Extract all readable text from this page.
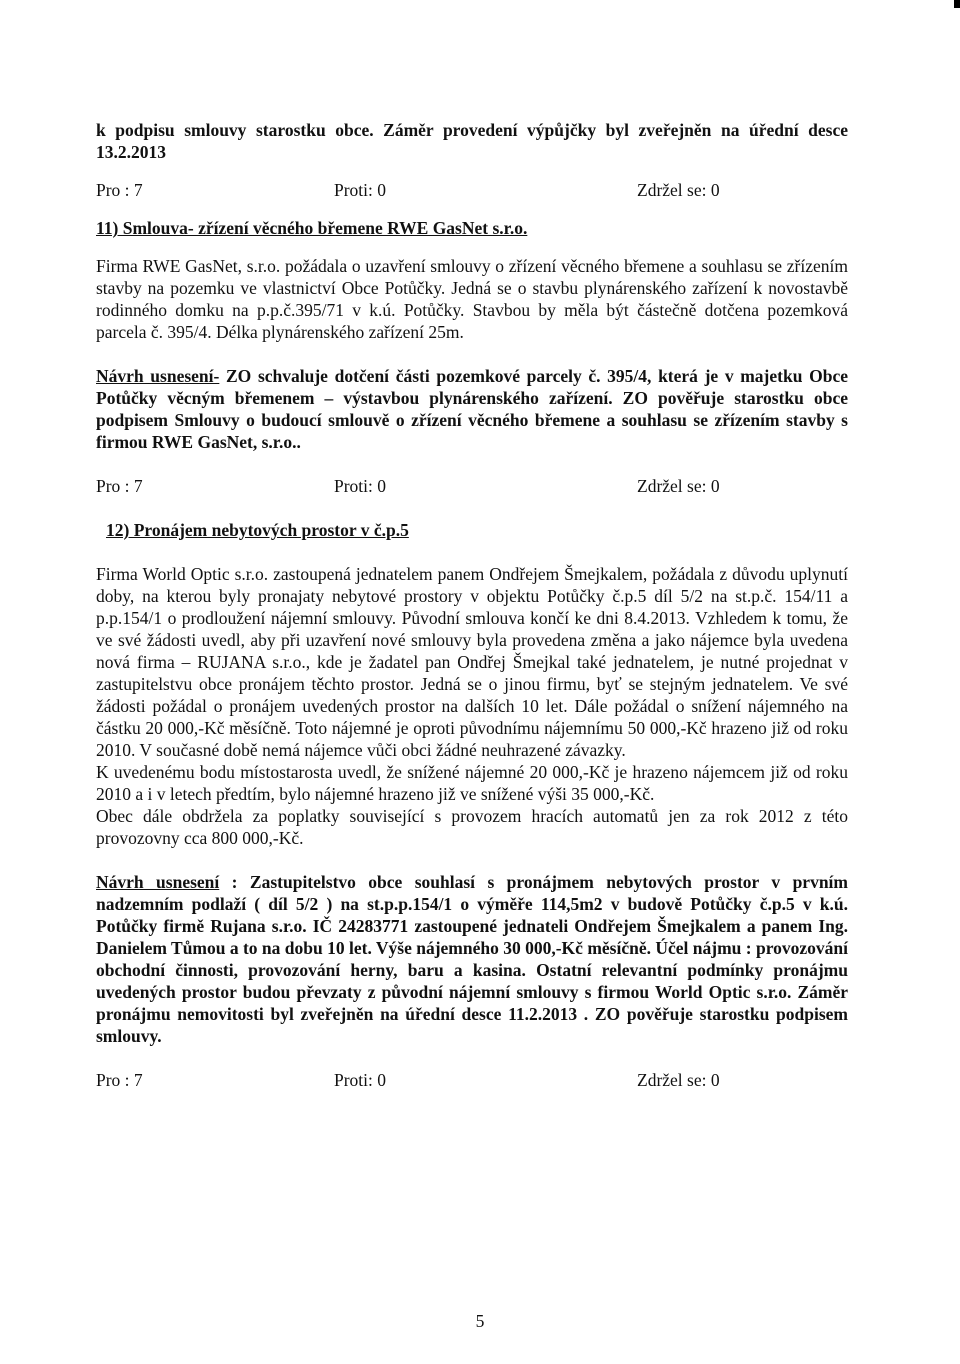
k podpisu smlouvy starostku obce. Záměr provedení výpůjčky byl zveřejněn na úřední desce 13.2.2013

Pro : 7	Proti: 0	Zdržel se: 0

11) Smlouva- zřízení věcného břemene RWE GasNet s.r.o.

Firma RWE GasNet, s.r.o. požádala o uzavření smlouvy o zřízení věcného břemene a souhlasu se zřízením stavby na pozemku ve vlastnictví Obce Potůčky. Jedná se o stavbu plynárenského zařízení k novostavbě rodinného domku na p.p.č.395/71 v k.ú. Potůčky. Stavbou by měla být částečně dotčena pozemková parcela č. 395/4. Délka plynárenského zařízení 25m.

Návrh usnesení- ZO schvaluje dotčení části pozemkové parcely č. 395/4, která je v majetku Obce Potůčky věcným břemenem – výstavbou plynárenského zařízení. ZO pověřuje starostku obce podpisem Smlouvy o budoucí smlouvě o zřízení věcného břemene a souhlasu se zřízením stavby s firmou RWE GasNet, s.r.o..

Pro : 7	Proti: 0	Zdržel se: 0

12) Pronájem nebytových prostor v č.p.5

Firma World Optic s.r.o. zastoupená jednatelem panem Ondřejem Šmejkalem, požádala z důvodu uplynutí doby, na kterou byly pronajaty nebytové prostory v objektu Potůčky č.p.5 díl 5/2 na st.p.č. 154/11 a p.p.154/1 o prodloužení nájemní smlouvy. Původní smlouva končí ke dni 8.4.2013. Vzhledem k tomu, že ve své žádosti uvedl, aby při uzavření nové smlouvy byla provedena změna a jako nájemce byla uvedena nová firma – RUJANA s.r.o., kde je žadatel pan Ondřej Šmejkal také jednatelem, je nutné projednat v zastupitelstvu obce pronájem těchto prostor. Jedná se o jinou firmu, byť se stejným jednatelem. Ve své žádosti požádal o pronájem uvedených prostor na dalších 10 let. Dále požádal o snížení nájemného na částku 20 000,-Kč měsíčně. Toto nájemné je oproti původnímu nájemnímu 50 000,-Kč hrazeno již od roku 2010. V současné době nemá nájemce vůči obci žádné neuhrazené závazky.

K uvedenému bodu místostarosta uvedl, že snížené nájemné 20 000,-Kč je hrazeno nájemcem již od roku 2010 a i v letech předtím, bylo nájemné hrazeno již ve snížené výši 35 000,-Kč.

Obec dále obdržela za poplatky související s provozem hracích automatů jen za rok 2012 z této provozovny cca 800 000,-Kč.

Návrh usnesení : Zastupitelstvo obce souhlasí s pronájmem nebytových prostor v prvním nadzemním podlaží ( díl 5/2 ) na st.p.p.154/1 o výměře 114,5m2 v budově Potůčky č.p.5 v k.ú. Potůčky firmě Rujana s.r.o. IČ 24283771 zastoupené jednateli Ondřejem Šmejkalem a panem Ing. Danielem Tůmou a to na dobu 10 let. Výše nájemného 30 000,-Kč měsíčně. Účel nájmu : provozování obchodní činnosti, provozování herny, baru a kasina. Ostatní relevantní podmínky pronájmu uvedených prostor budou převzaty z původní nájemní smlouvy s firmou World Optic s.r.o. Záměr pronájmu nemovitosti byl zveřejněn na úřední desce 11.2.2013 . ZO pověřuje starostku podpisem smlouvy.

Pro : 7	Proti: 0	Zdržel se: 0
5
